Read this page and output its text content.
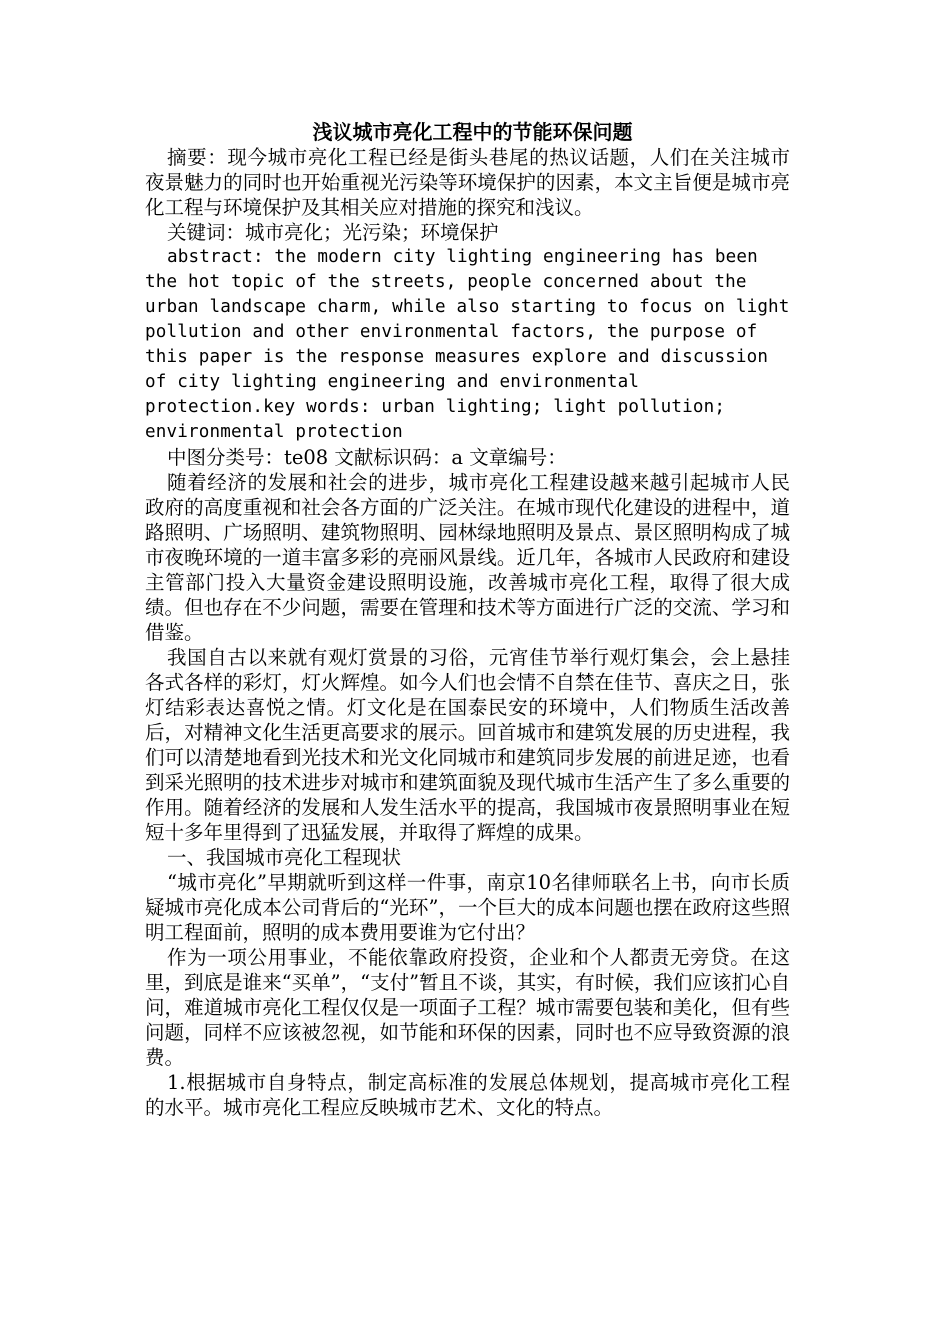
浅议城市亮化工程中的节能环保问题

摘要：现今城市亮化工程已经是街头巷尾的热议话题，人们在关注城市夜景魅力的同时也开始重视光污染等环境保护的因素，本文主旨便是城市亮化工程与环境保护及其相关应对措施的探究和浅议。

关键词：城市亮化；光污染；环境保护

abstract: the modern city lighting engineering has been the hot topic of the streets, people concerned about the urban landscape charm, while also starting to focus on light pollution and other environmental factors, the purpose of this paper is the response measures explore and discussion of city lighting engineering and environmental protection.key words: urban lighting; light pollution; environmental protection

中图分类号：te08 文献标识码：a 文章编号：

随着经济的发展和社会的进步，城市亮化工程建设越来越引起城市人民政府的高度重视和社会各方面的广泛关注。在城市现代化建设的进程中，道路照明、广场照明、建筑物照明、园林绿地照明及景点、景区照明构成了城市夜晚环境的一道丰富多彩的亮丽风景线。近几年，各城市人民政府和建设主管部门投入大量资金建设照明设施，改善城市亮化工程，取得了很大成绩。但也存在不少问题，需要在管理和技术等方面进行广泛的交流、学习和借鉴。

我国自古以来就有观灯赏景的习俗，元宵佳节举行观灯集会，会上悬挂各式各样的彩灯，灯火辉煌。如今人们也会情不自禁在佳节、喜庆之日，张灯结彩表达喜悦之情。灯文化是在国泰民安的环境中，人们物质生活改善后，对精神文化生活更高要求的展示。回首城市和建筑发展的历史进程，我们可以清楚地看到光技术和光文化同城市和建筑同步发展的前进足迹，也看到采光照明的技术进步对城市和建筑面貌及现代城市生活产生了多么重要的作用。随着经济的发展和人发生活水平的提高，我国城市夜景照明事业在短短十多年里得到了迅猛发展，并取得了辉煌的成果。

一、我国城市亮化工程现状

“城市亮化”早期就听到这样一件事，南京10名律师联名上书，向市长质疑城市亮化成本公司背后的“光环”，一个巨大的成本问题也摆在政府这些照明工程面前，照明的成本费用要谁为它付出？

作为一项公用事业，不能依靠政府投资，企业和个人都责无旁贷。在这里，到底是谁来“买单”，“支付”暂且不谈，其实，有时候，我们应该扪心自问，难道城市亮化工程仅仅是一项面子工程？城市需要包装和美化，但有些问题，同样不应该被忽视，如节能和环保的因素，同时也不应导致资源的浪费。

1.根据城市自身特点，制定高标准的发展总体规划，提高城市亮化工程的水平。城市亮化工程应反映城市艺术、文化的特点。
